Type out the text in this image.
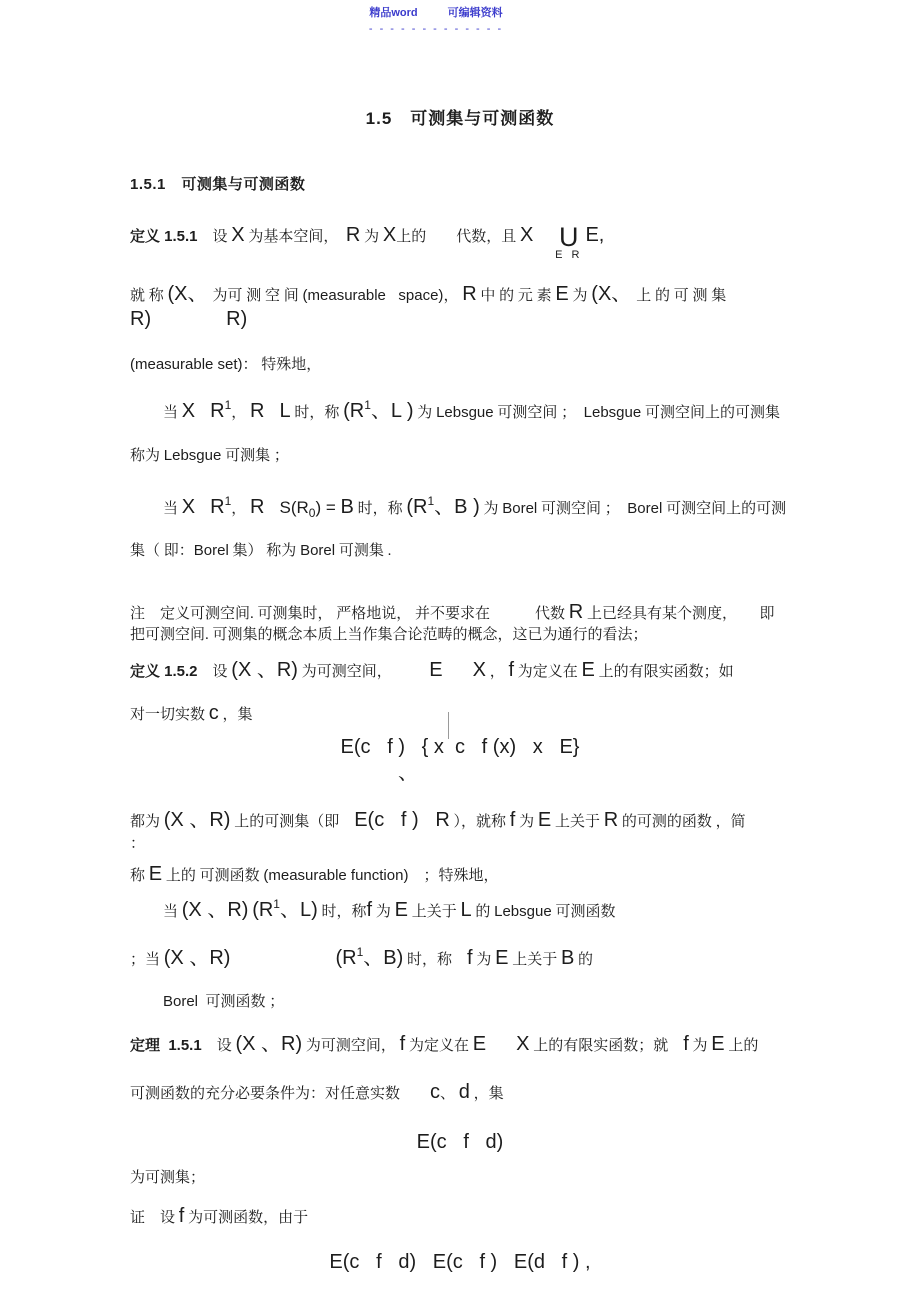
精品word	可编辑资料
- - - - - - - - - - - - -
1.5　可测集与可测函数
1.5.1　可测集与可测函数
定义 1.5.1　设 X 为基本空间，　R 为 X上的　　代数，且 X　 U
E R
E,
就 称 (X、　为可 测 空 间 (measurable   space)， R 中 的 元 素 E 为 (X、　上 的 可 测 集
R)　　　　　	R)
(measurable set)： 特殊地，
当 X　 $R^1$， R　 L 时，称 ($R^1$、L ) 为 Lebsgue 可测空间 ；　Lebsgue 可测空间上的可测集
称为 Lebsgue 可测集 ；
当 X　 $R^1$， R　 $S(R_0) = B$ 时，称 ($R^1$、B ) 为 Borel 可测空间 ；　Borel 可测空间上的可测
集（ 即：Borel 集） 称为 Borel 可测集 .
注　定义可测空间. 可测集时， 严格地说， 并不要求在　　　代数 R 上已经具有某个测度，　　即
把可测空间. 可测集的概念本质上当作集合论范畴的概念，这已为通行的看法；
定义 1.5.2　设 (X 、R) 为可测空间，　　　E　　 X ， f 为定义在 E 上的有限实函数；如
对一切实数 c ，集
E(c   f )   { x  c   f (x)   x   E}
、
都为 (X 、R) 上的可测集（即　E(c   f )   R ），就称 f 为 E 上关于 R 的可测的函数 ，简
：
称 E 上的 可测函数 (measurable function)　；特殊地，
当 (X 、R) ($R^1$、L) 时，称f 为 E 上关于 L 的 Lebsgue 可测函数
；当 (X 、R)　　　　　　　	($R^1$、B) 时，称　f 为 E 上关于 B 的
Borel  可测函数 ；
定理  1.5.1　设 (X 、R) 为可测空间， f 为定义在 E　　 X 上的有限实函数；就　f 为 E 上的
可测函数的充分必要条件为：对任意实数　　c、 d ，集
E(c   f   d)
为可测集；
证　设 f 为可测函数，由于
E(c   f   d)   E(c   f )   E(d   f ) ,
